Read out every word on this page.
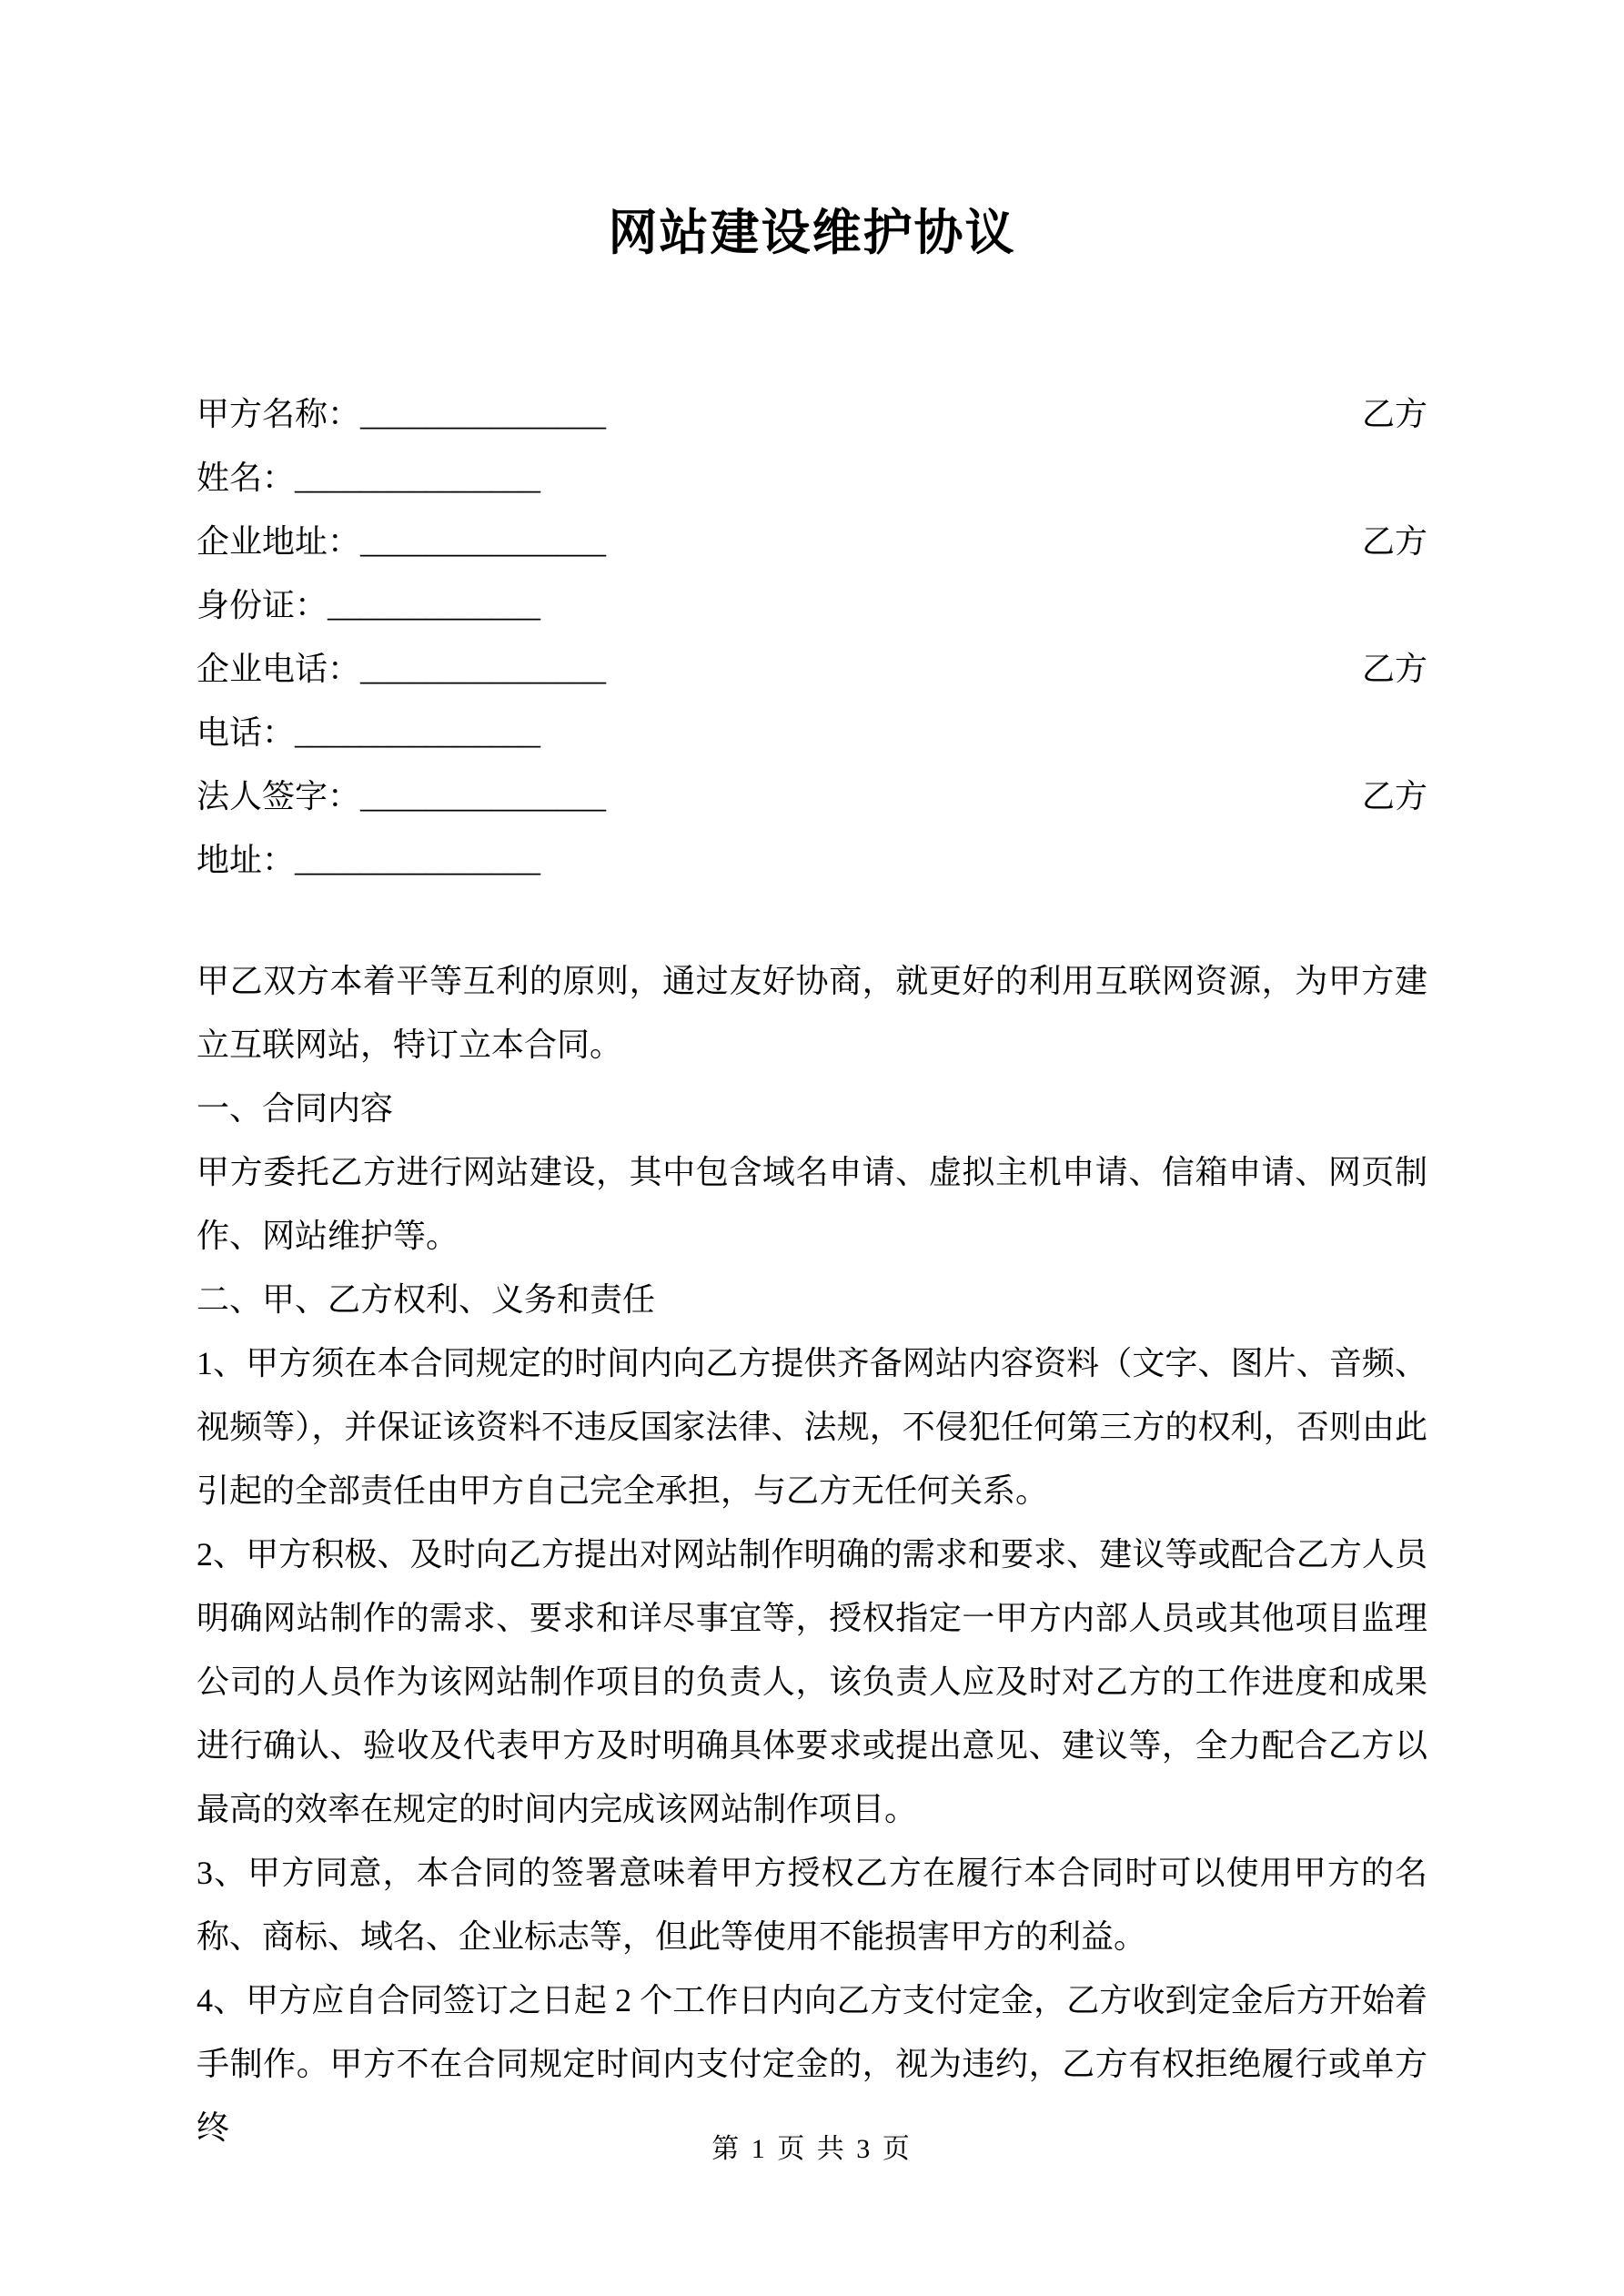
网站建设维护协议
甲方名称：_______________	乙方
姓名：_______________
企业地址：_______________	乙方
身份证：_____________
企业电话：_______________	乙方
电话：_______________
法人签字：_______________	乙方
地址：_______________
甲乙双方本着平等互利的原则，通过友好协商，就更好的利用互联网资源，为甲方建立互联网站，特订立本合同。
一、合同内容
甲方委托乙方进行网站建设，其中包含域名申请、虚拟主机申请、信箱申请、网页制作、网站维护等。
二、甲、乙方权利、义务和责任
1、甲方须在本合同规定的时间内向乙方提供齐备网站内容资料（文字、图片、音频、视频等），并保证该资料不违反国家法律、法规，不侵犯任何第三方的权利，否则由此引起的全部责任由甲方自己完全承担，与乙方无任何关系。
2、甲方积极、及时向乙方提出对网站制作明确的需求和要求、建议等或配合乙方人员明确网站制作的需求、要求和详尽事宜等，授权指定一甲方内部人员或其他项目监理公司的人员作为该网站制作项目的负责人，该负责人应及时对乙方的工作进度和成果进行确认、验收及代表甲方及时明确具体要求或提出意见、建议等，全力配合乙方以最高的效率在规定的时间内完成该网站制作项目。
3、甲方同意，本合同的签署意味着甲方授权乙方在履行本合同时可以使用甲方的名称、商标、域名、企业标志等，但此等使用不能损害甲方的利益。
4、甲方应自合同签订之日起 2 个工作日内向乙方支付定金，乙方收到定金后方开始着手制作。甲方不在合同规定时间内支付定金的，视为违约，乙方有权拒绝履行或单方终
第 1 页 共 3 页
